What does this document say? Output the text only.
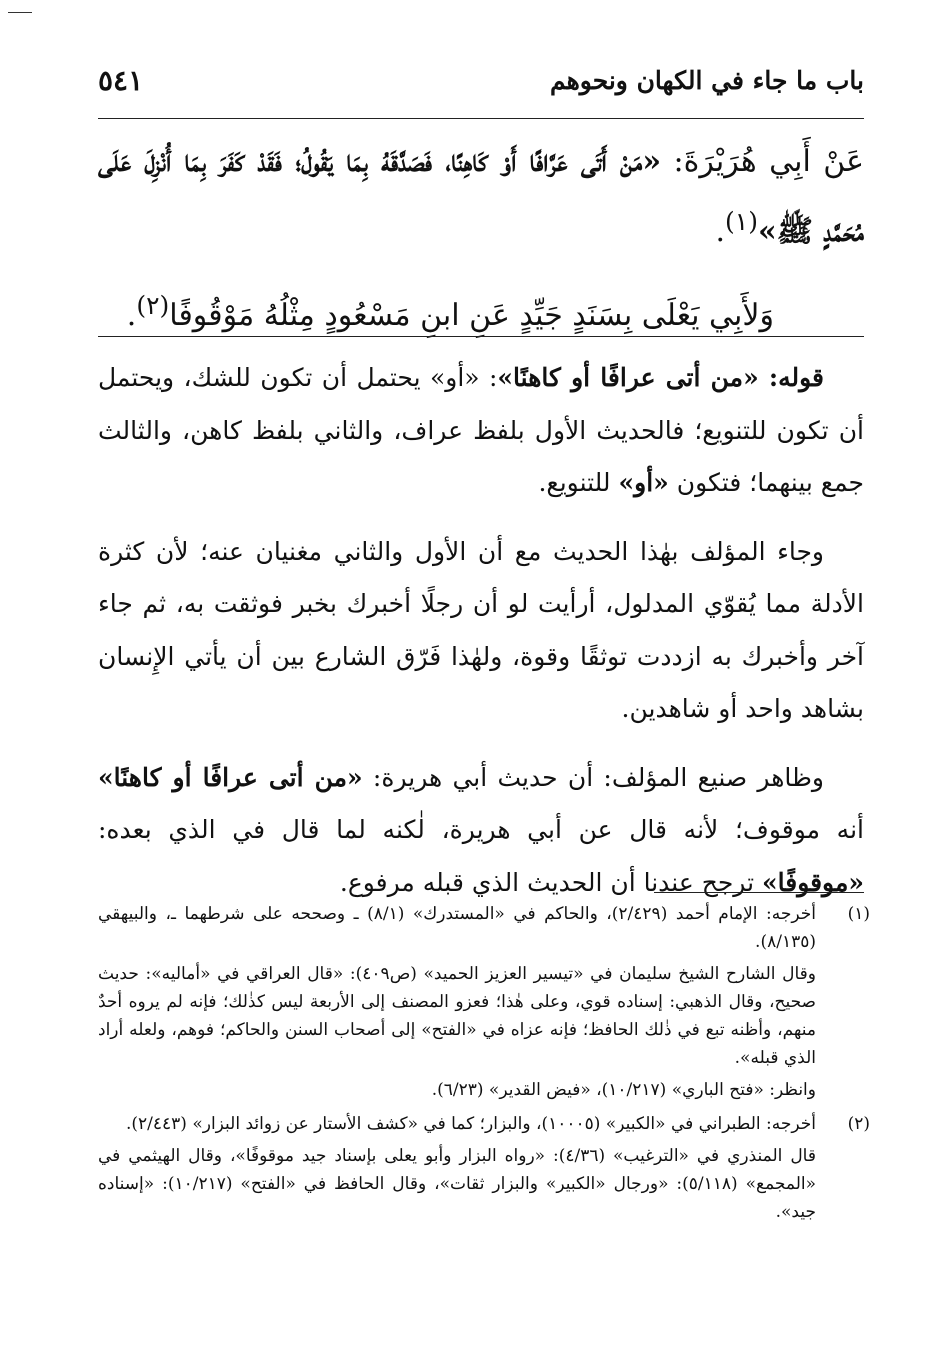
باب ما جاء في الكهان ونحوهم
٥٤١

عَنْ أَبِي هُرَيْرَةَ: «مَنْ أَتَى عَرَّافًا أَوْ كَاهِنًا، فَصَدَّقَهُ بِمَا يَقُولُ؛ فَقَدْ كَفَرَ بِمَا أُنْزِلَ عَلَى مُحَمَّدٍ ﷺ»$^{(١)}$.

وَلأَبِي يَعْلَى بِسَنَدٍ جَيِّدٍ عَنِ ابنِ مَسْعُودٍ مِثْلُهُ مَوْقُوفًا$^{(٢)}$.

قوله: «من أتى عرافًا أو كاهنًا»: «أو» يحتمل أن تكون للشك، ويحتمل أن تكون للتنويع؛ فالحديث الأول بلفظ عراف، والثاني بلفظ كاهن، والثالث جمع بينهما؛ فتكون «أو» للتنويع.

وجاء المؤلف بهٰذا الحديث مع أن الأول والثاني مغنيان عنه؛ لأن كثرة الأدلة مما يُقوّي المدلول، أرأيت لو أن رجلًا أخبرك بخبر فوثقت به، ثم جاء آخر وأخبرك به ازددت توثقًا وقوة، ولهٰذا فَرّق الشارع بين أن يأتي الإِنسان بشاهد واحد أو شاهدين.

وظاهر صنيع المؤلف: أن حديث أبي هريرة: «من أتى عرافًا أو كاهنًا» أنه موقوف؛ لأنه قال عن أبي هريرة، لٰكنه لما قال في الذي بعده: «موقوفًا» ترجح عندنا أن الحديث الذي قبله مرفوع.

(١)

أخرجه: الإمام أحمد (٢/٤٢٩)، والحاكم في «المستدرك» (٨/١) ـ وصححه على شرطهما ـ، والبيهقي (٨/١٣٥).

وقال الشارح الشيخ سليمان في «تيسير العزيز الحميد» (ص٤٠٩): «قال العراقي في «أماليه»: حديث صحيح، وقال الذهبي: إسناده قوي، وعلى هٰذا؛ فعزو المصنف إلى الأربعة ليس كذٰلك؛ فإنه لم يروه أحدٌ منهم، وأظنه تبع في ذٰلك الحافظ؛ فإنه عزاه في «الفتح» إلى أصحاب السنن والحاكم؛ فوهم، ولعله أراد الذي قبله».

وانظر: «فتح الباري» (١٠/٢١٧)، «فيض القدير» (٦/٢٣).

(٢)

أخرجه: الطبراني في «الكبير» (١٠٠٠٥)، والبزار؛ كما في «كشف الأستار عن زوائد البزار» (٢/٤٤٣).

قال المنذري في «الترغيب» (٤/٣٦): «رواه البزار وأبو يعلى بإسناد جيد موقوفًا»، وقال الهيثمي في «المجمع» (٥/١١٨): «ورجال «الكبير» والبزار ثقات»، وقال الحافظ في «الفتح» (١٠/٢١٧): «إسناده جيد».
